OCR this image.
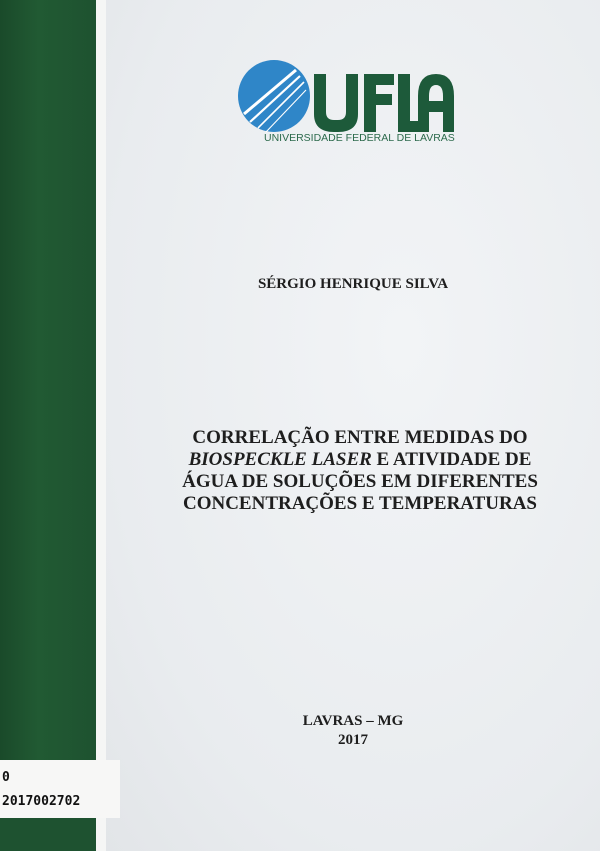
UNIVERSIDADE FEDERAL DE LAVRAS
SÉRGIO HENRIQUE SILVA
CORRELAÇÃO ENTRE MEDIDAS DO
BIOSPECKLE LASER E ATIVIDADE DE
ÁGUA DE SOLUÇÕES EM DIFERENTES
CONCENTRAÇÕES E TEMPERATURAS
LAVRAS – MG
2017
0
2017002702
